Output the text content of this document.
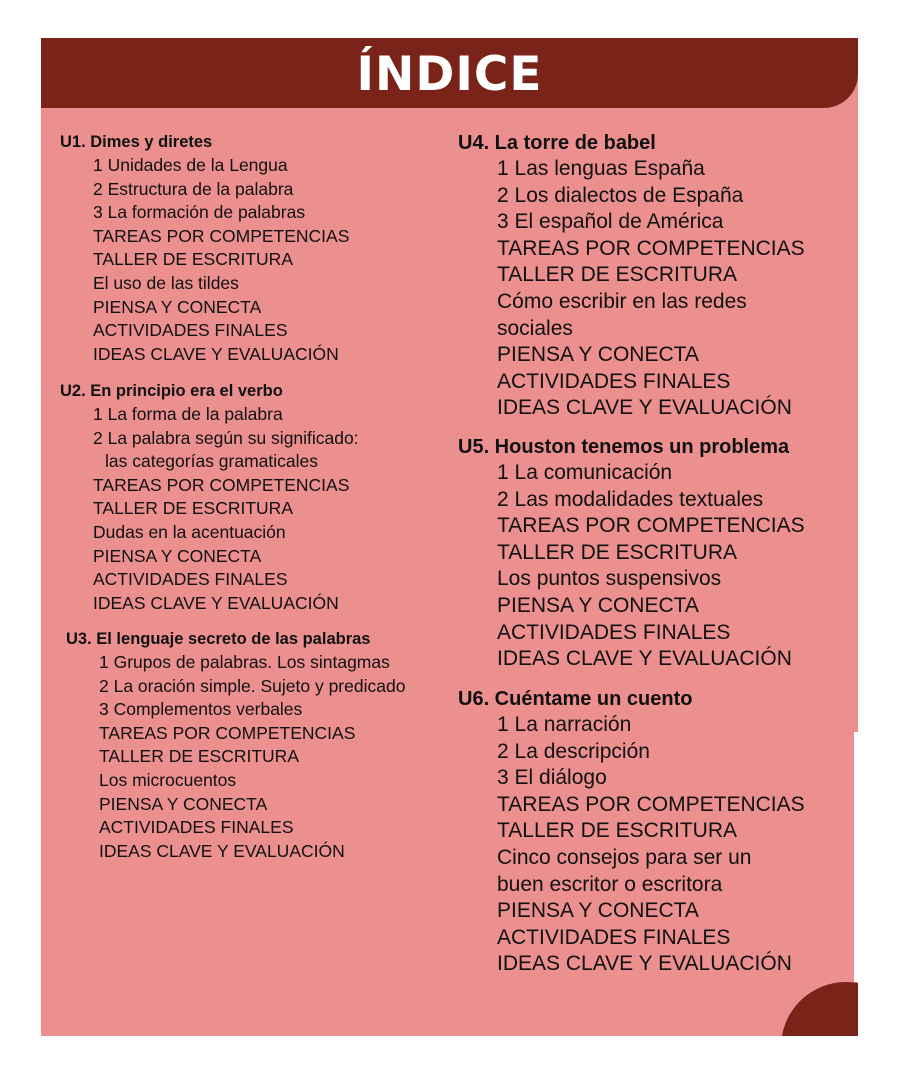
ÍNDICE
U1. Dimes y diretes
1 Unidades de la Lengua
2 Estructura de la palabra
3 La formación de palabras
TAREAS POR COMPETENCIAS
TALLER DE ESCRITURA
El uso de las tildes
PIENSA Y CONECTA
ACTIVIDADES FINALES
IDEAS CLAVE Y EVALUACIÓN
U2. En principio era el verbo
1 La forma de la palabra
2 La palabra según su significado:
las categorías gramaticales
TAREAS POR COMPETENCIAS
TALLER DE ESCRITURA
Dudas en la acentuación
PIENSA Y CONECTA
ACTIVIDADES FINALES
IDEAS CLAVE Y EVALUACIÓN
U3. El lenguaje secreto de las palabras
1 Grupos de palabras. Los sintagmas
2 La oración simple. Sujeto y predicado
3 Complementos verbales
TAREAS POR COMPETENCIAS
TALLER DE ESCRITURA
Los microcuentos
PIENSA Y CONECTA
ACTIVIDADES FINALES
IDEAS CLAVE Y EVALUACIÓN
U4. La torre de babel
1 Las lenguas España
2 Los dialectos de España
3 El español de América
TAREAS POR COMPETENCIAS
TALLER DE ESCRITURA
Cómo escribir en las redes
sociales
PIENSA Y CONECTA
ACTIVIDADES FINALES
IDEAS CLAVE Y EVALUACIÓN
U5. Houston tenemos un problema
1 La comunicación
2 Las modalidades textuales
TAREAS POR COMPETENCIAS
TALLER DE ESCRITURA
Los puntos suspensivos
PIENSA Y CONECTA
ACTIVIDADES FINALES
IDEAS CLAVE Y EVALUACIÓN
U6. Cuéntame un cuento
1 La narración
2 La descripción
3 El diálogo
TAREAS POR COMPETENCIAS
TALLER DE ESCRITURA
Cinco consejos para ser un
buen escritor o escritora
PIENSA Y CONECTA
ACTIVIDADES FINALES
IDEAS CLAVE Y EVALUACIÓN
